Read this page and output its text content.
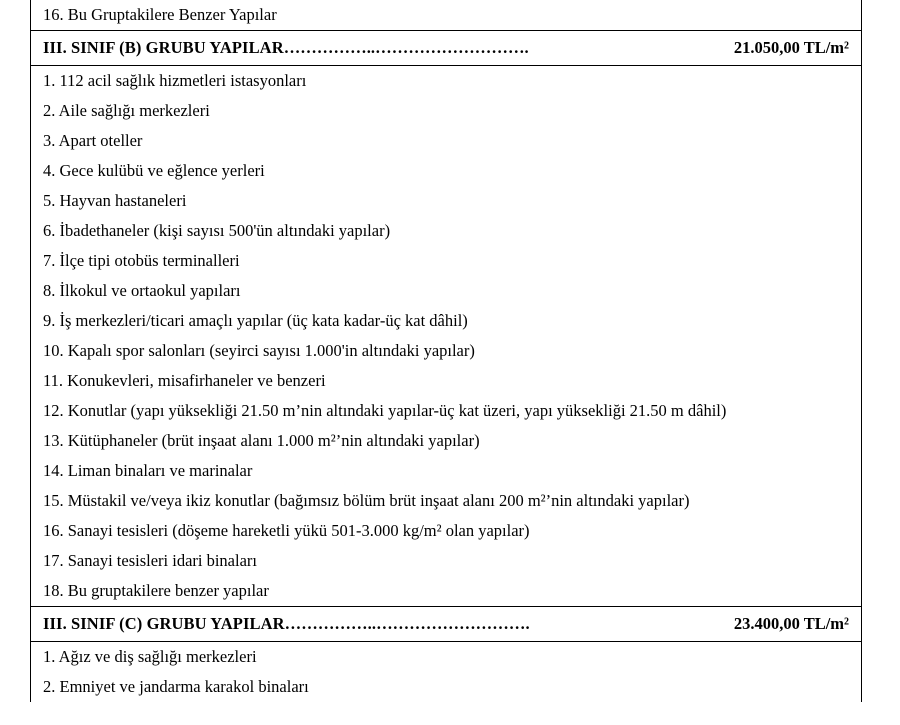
16. Bu Gruptakilere Benzer Yapılar
III. SINIF (B) GRUBU YAPILAR……………..……………………….	21.050,00 TL/m²
1. 112 acil sağlık hizmetleri istasyonları
2. Aile sağlığı merkezleri
3. Apart oteller
4. Gece kulübü ve eğlence yerleri
5. Hayvan hastaneleri
6. İbadethaneler (kişi sayısı 500'ün altındaki yapılar)
7. İlçe tipi otobüs terminalleri
8. İlkokul ve ortaokul yapıları
9. İş merkezleri/ticari amaçlı yapılar (üç kata kadar-üç kat dâhil)
10. Kapalı spor salonları (seyirci sayısı 1.000'in altındaki yapılar)
11. Konukevleri, misafirhaneler ve benzeri
12. Konutlar (yapı yüksekliği 21.50 m’nin altındaki yapılar-üç kat üzeri, yapı yüksekliği 21.50 m dâhil)
13. Kütüphaneler (brüt inşaat alanı 1.000 m²’nin altındaki yapılar)
14. Liman binaları ve marinalar
15. Müstakil ve/veya ikiz konutlar (bağımsız bölüm brüt inşaat alanı 200 m²’nin altındaki yapılar)
16. Sanayi tesisleri (döşeme hareketli yükü 501-3.000 kg/m² olan yapılar)
17. Sanayi tesisleri idari binaları
18. Bu gruptakilere benzer yapılar
III. SINIF (C) GRUBU YAPILAR……………..……………………….	23.400,00 TL/m²
1. Ağız ve diş sağlığı merkezleri
2. Emniyet ve jandarma karakol binaları
